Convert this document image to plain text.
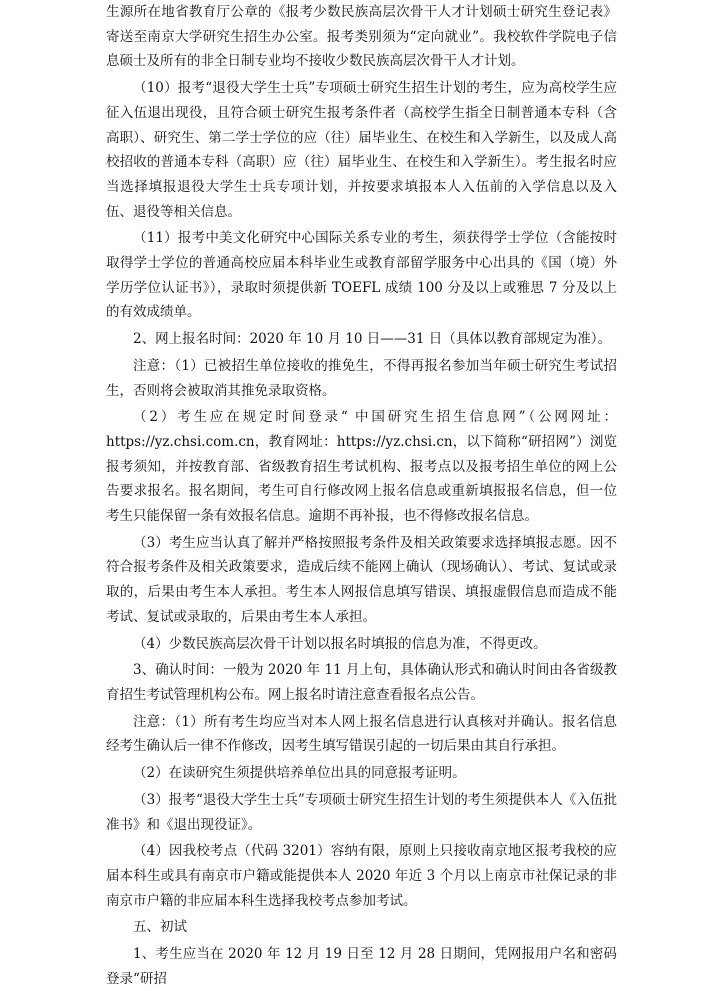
生源所在地省教育厅公章的《报考少数民族高层次骨干人才计划硕士研究生登记表》寄送至南京大学研究生招生办公室。报考类别须为“定向就业”。我校软件学院电子信息硕士及所有的非全日制专业均不接收少数民族高层次骨干人才计划。

（10）报考“退役大学生士兵”专项硕士研究生招生计划的考生，应为高校学生应征入伍退出现役，且符合硕士研究生报考条件者（高校学生指全日制普通本专科（含高职）、研究生、第二学士学位的应（往）届毕业生、在校生和入学新生，以及成人高校招收的普通本专科（高职）应（往）届毕业生、在校生和入学新生）。考生报名时应当选择填报退役大学生士兵专项计划，并按要求填报本人入伍前的入学信息以及入伍、退役等相关信息。

（11）报考中美文化研究中心国际关系专业的考生，须获得学士学位（含能按时取得学士学位的普通高校应届本科毕业生或教育部留学服务中心出具的《国（境）外学历学位认证书》），录取时须提供新 TOEFL 成绩 100 分及以上或雅思 7 分及以上的有效成绩单。

2、网上报名时间：2020 年 10 月 10 日——31 日（具体以教育部规定为准）。

注意：（1）已被招生单位接收的推免生，不得再报名参加当年硕士研究生考试招生，否则将会被取消其推免录取资格。

（2）考生应在规定时间登录“ 中国研究生招生信息网”（公网网址：https://yz.chsi.com.cn，教育网址：https://yz.chsi.cn，以下简称“研招网”）浏览报考须知，并按教育部、省级教育招生考试机构、报考点以及报考招生单位的网上公告要求报名。报名期间，考生可自行修改网上报名信息或重新填报报名信息，但一位考生只能保留一条有效报名信息。逾期不再补报，也不得修改报名信息。

（3）考生应当认真了解并严格按照报考条件及相关政策要求选择填报志愿。因不符合报考条件及相关政策要求，造成后续不能网上确认（现场确认）、考试、复试或录取的，后果由考生本人承担。考生本人网报信息填写错误、填报虚假信息而造成不能考试、复试或录取的，后果由考生本人承担。

（4）少数民族高层次骨干计划以报名时填报的信息为准，不得更改。

3、确认时间：一般为 2020 年 11 月上旬，具体确认形式和确认时间由各省级教育招生考试管理机构公布。网上报名时请注意查看报名点公告。

注意：（1）所有考生均应当对本人网上报名信息进行认真核对并确认。报名信息经考生确认后一律不作修改，因考生填写错误引起的一切后果由其自行承担。

（2）在读研究生须提供培养单位出具的同意报考证明。

（3）报考“退役大学生士兵”专项硕士研究生招生计划的考生须提供本人《入伍批准书》和《退出现役证》。

（4）因我校考点（代码 3201）容纳有限，原则上只接收南京地区报考我校的应届本科生或具有南京市户籍或能提供本人 2020 年近 3 个月以上南京市社保记录的非南京市户籍的非应届本科生选择我校考点参加考试。

五、初试

1、考生应当在 2020 年 12 月 19 日至 12 月 28 日期间，凭网报用户名和密码登录“研招
